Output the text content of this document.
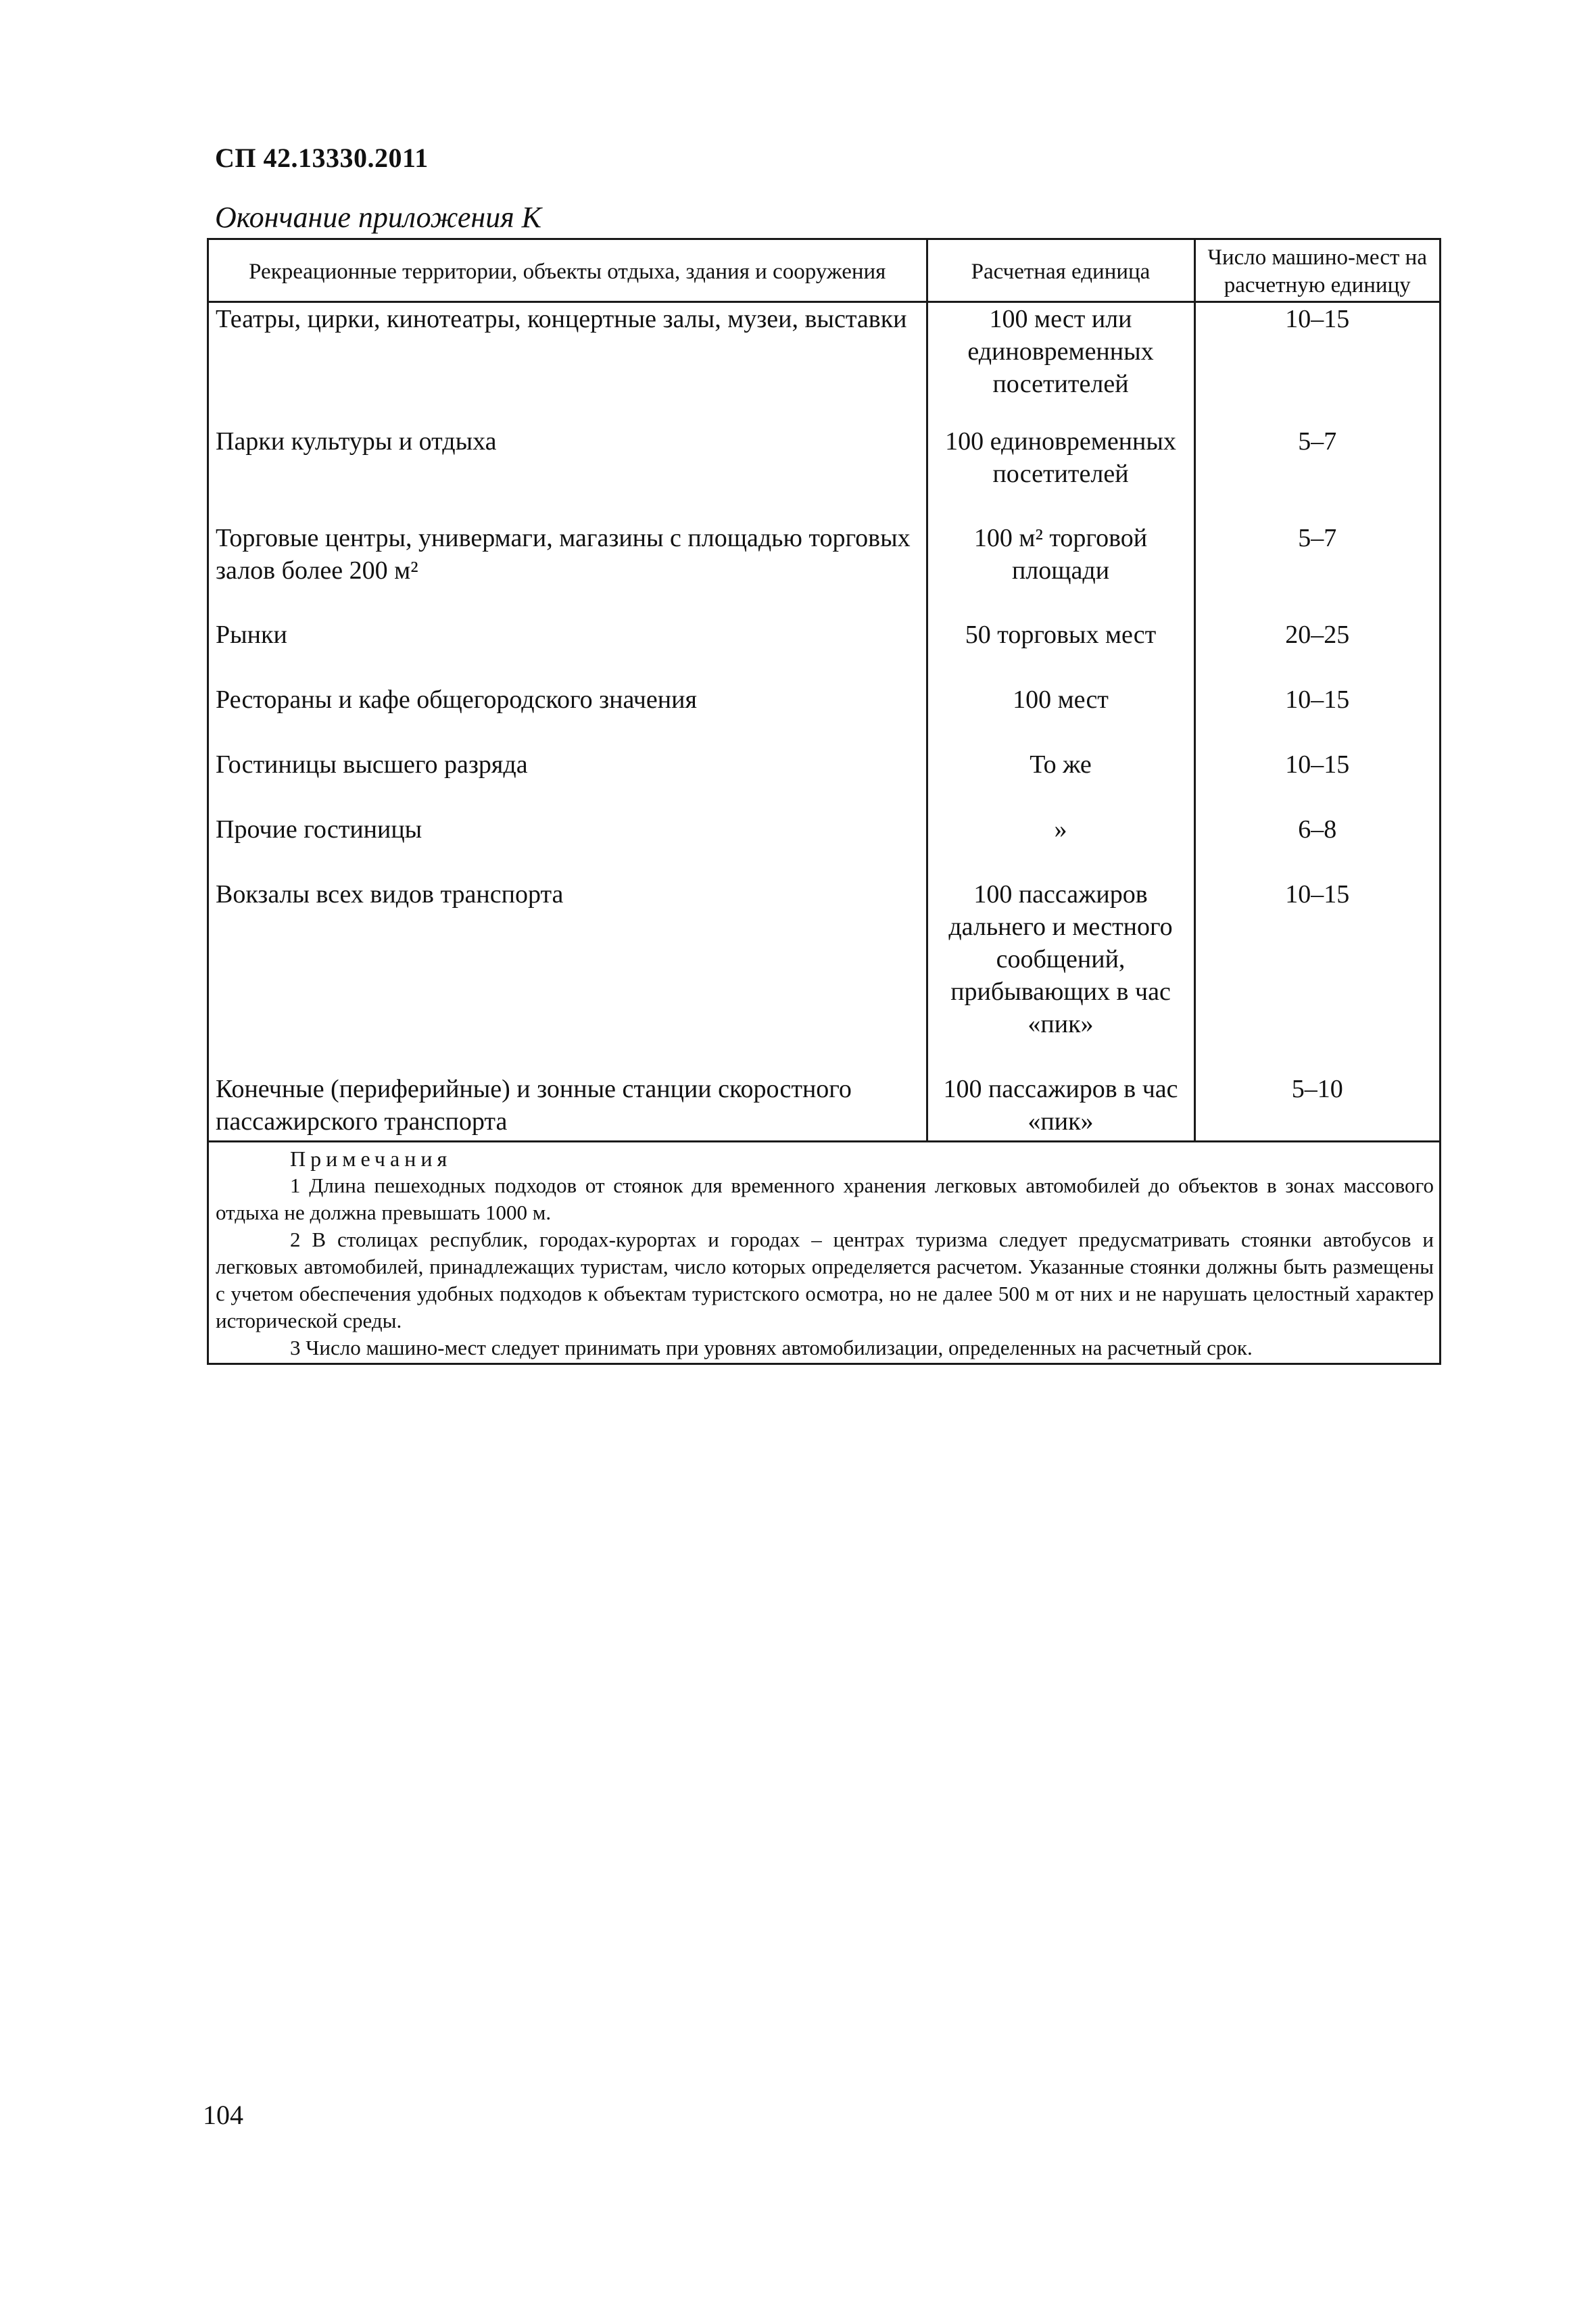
СП 42.13330.2011
Окончание приложения К
Рекреационные территории, объекты отдыха, здания и сооружения	Расчетная единица	Число машино-мест на расчетную единицу
Театры, цирки, кинотеатры, концертные залы, музеи, выставки	100 мест или единовременных посетителей	10–15
Парки культуры и отдыха	100 единовременных посетителей	5–7
Торговые центры, универмаги, магазины с площадью торговых залов более 200 м²	100 м² торговой площади	5–7
Рынки	50 торговых мест	20–25
Рестораны и кафе общегородского значения	100 мест	10–15
Гостиницы высшего разряда	То же	10–15
Прочие гостиницы	»	6–8
Вокзалы всех видов транспорта	100 пассажиров дальнего и местного сообщений, прибывающих в час «пик»	10–15
Конечные (периферийные) и зонные станции скоростного пассажирского транспорта	100 пассажиров в час «пик»	5–10
Примечания
1 Длина пешеходных подходов от стоянок для временного хранения легковых автомобилей до объектов в зонах массового отдыха не должна превышать 1000 м.
2 В столицах республик, городах-курортах и городах – центрах туризма следует предусматривать стоянки автобусов и легковых автомобилей, принадлежащих туристам, число которых определяется расчетом. Указанные стоянки должны быть размещены с учетом обеспечения удобных подходов к объектам туристского осмотра, но не далее 500 м от них и не нарушать целостный характер исторической среды.
3 Число машино-мест следует принимать при уровнях автомобилизации, определенных на расчетный срок.
104
